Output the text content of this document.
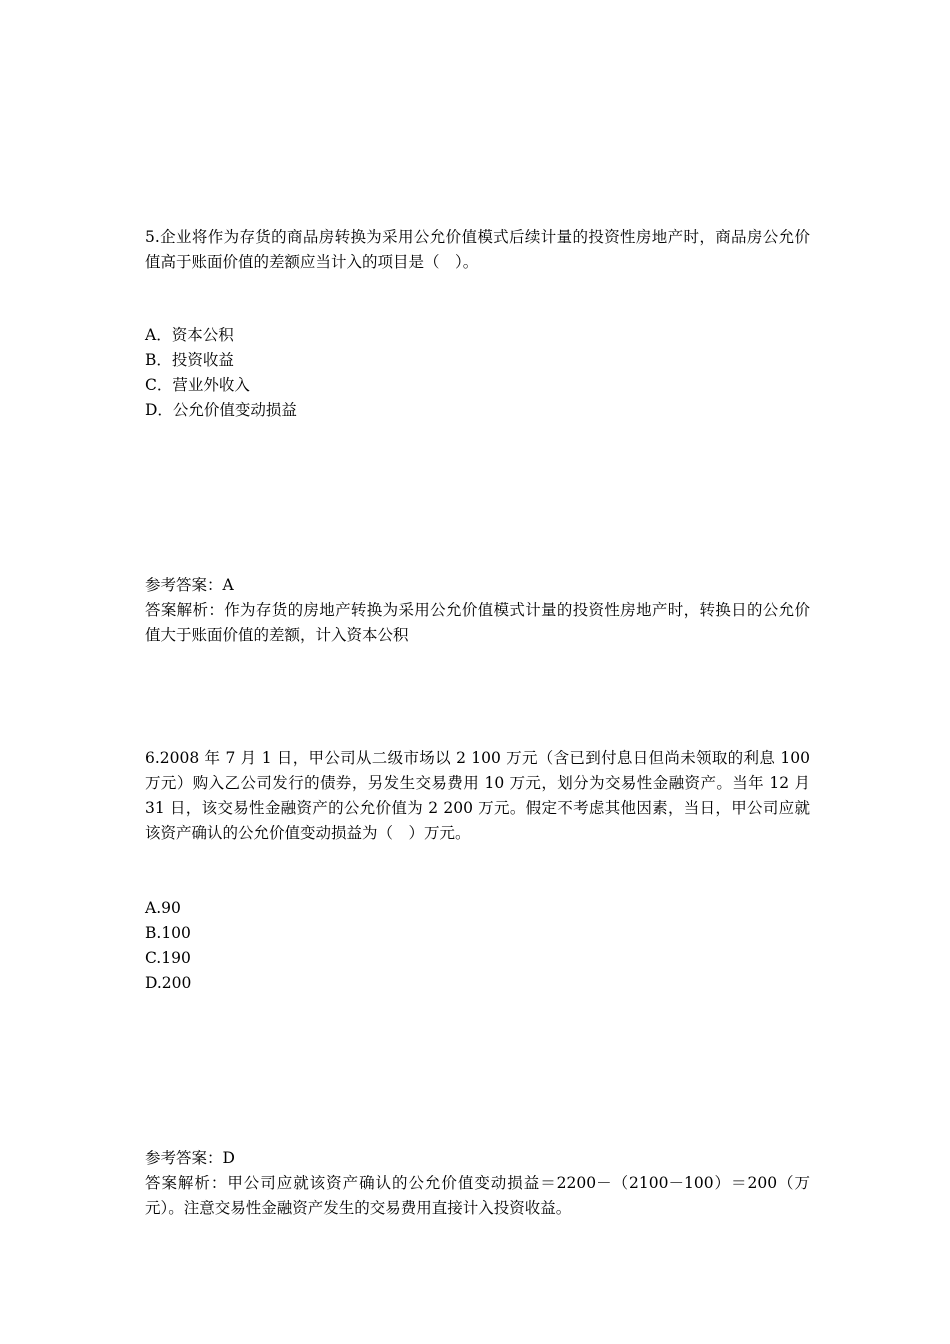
5.企业将作为存货的商品房转换为采用公允价值模式后续计量的投资性房地产时，商品房公允价值高于账面价值的差额应当计入的项目是（　）。

A．资本公积
B．投资收益
C．营业外收入
D．公允价值变动损益

参考答案：A

答案解析：作为存货的房地产转换为采用公允价值模式计量的投资性房地产时，转换日的公允价值大于账面价值的差额，计入资本公积

6.2008 年 7 月 1 日，甲公司从二级市场以 2 100 万元（含已到付息日但尚未领取的利息 100 万元）购入乙公司发行的债券，另发生交易费用 10 万元，划分为交易性金融资产。当年 12 月 31 日，该交易性金融资产的公允价值为 2 200 万元。假定不考虑其他因素，当日，甲公司应就该资产确认的公允价值变动损益为（　）万元。

A.90
B.100
C.190
D.200

参考答案：D

答案解析：甲公司应就该资产确认的公允价值变动损益＝2200－（2100－100）＝200（万元）。注意交易性金融资产发生的交易费用直接计入投资收益。
